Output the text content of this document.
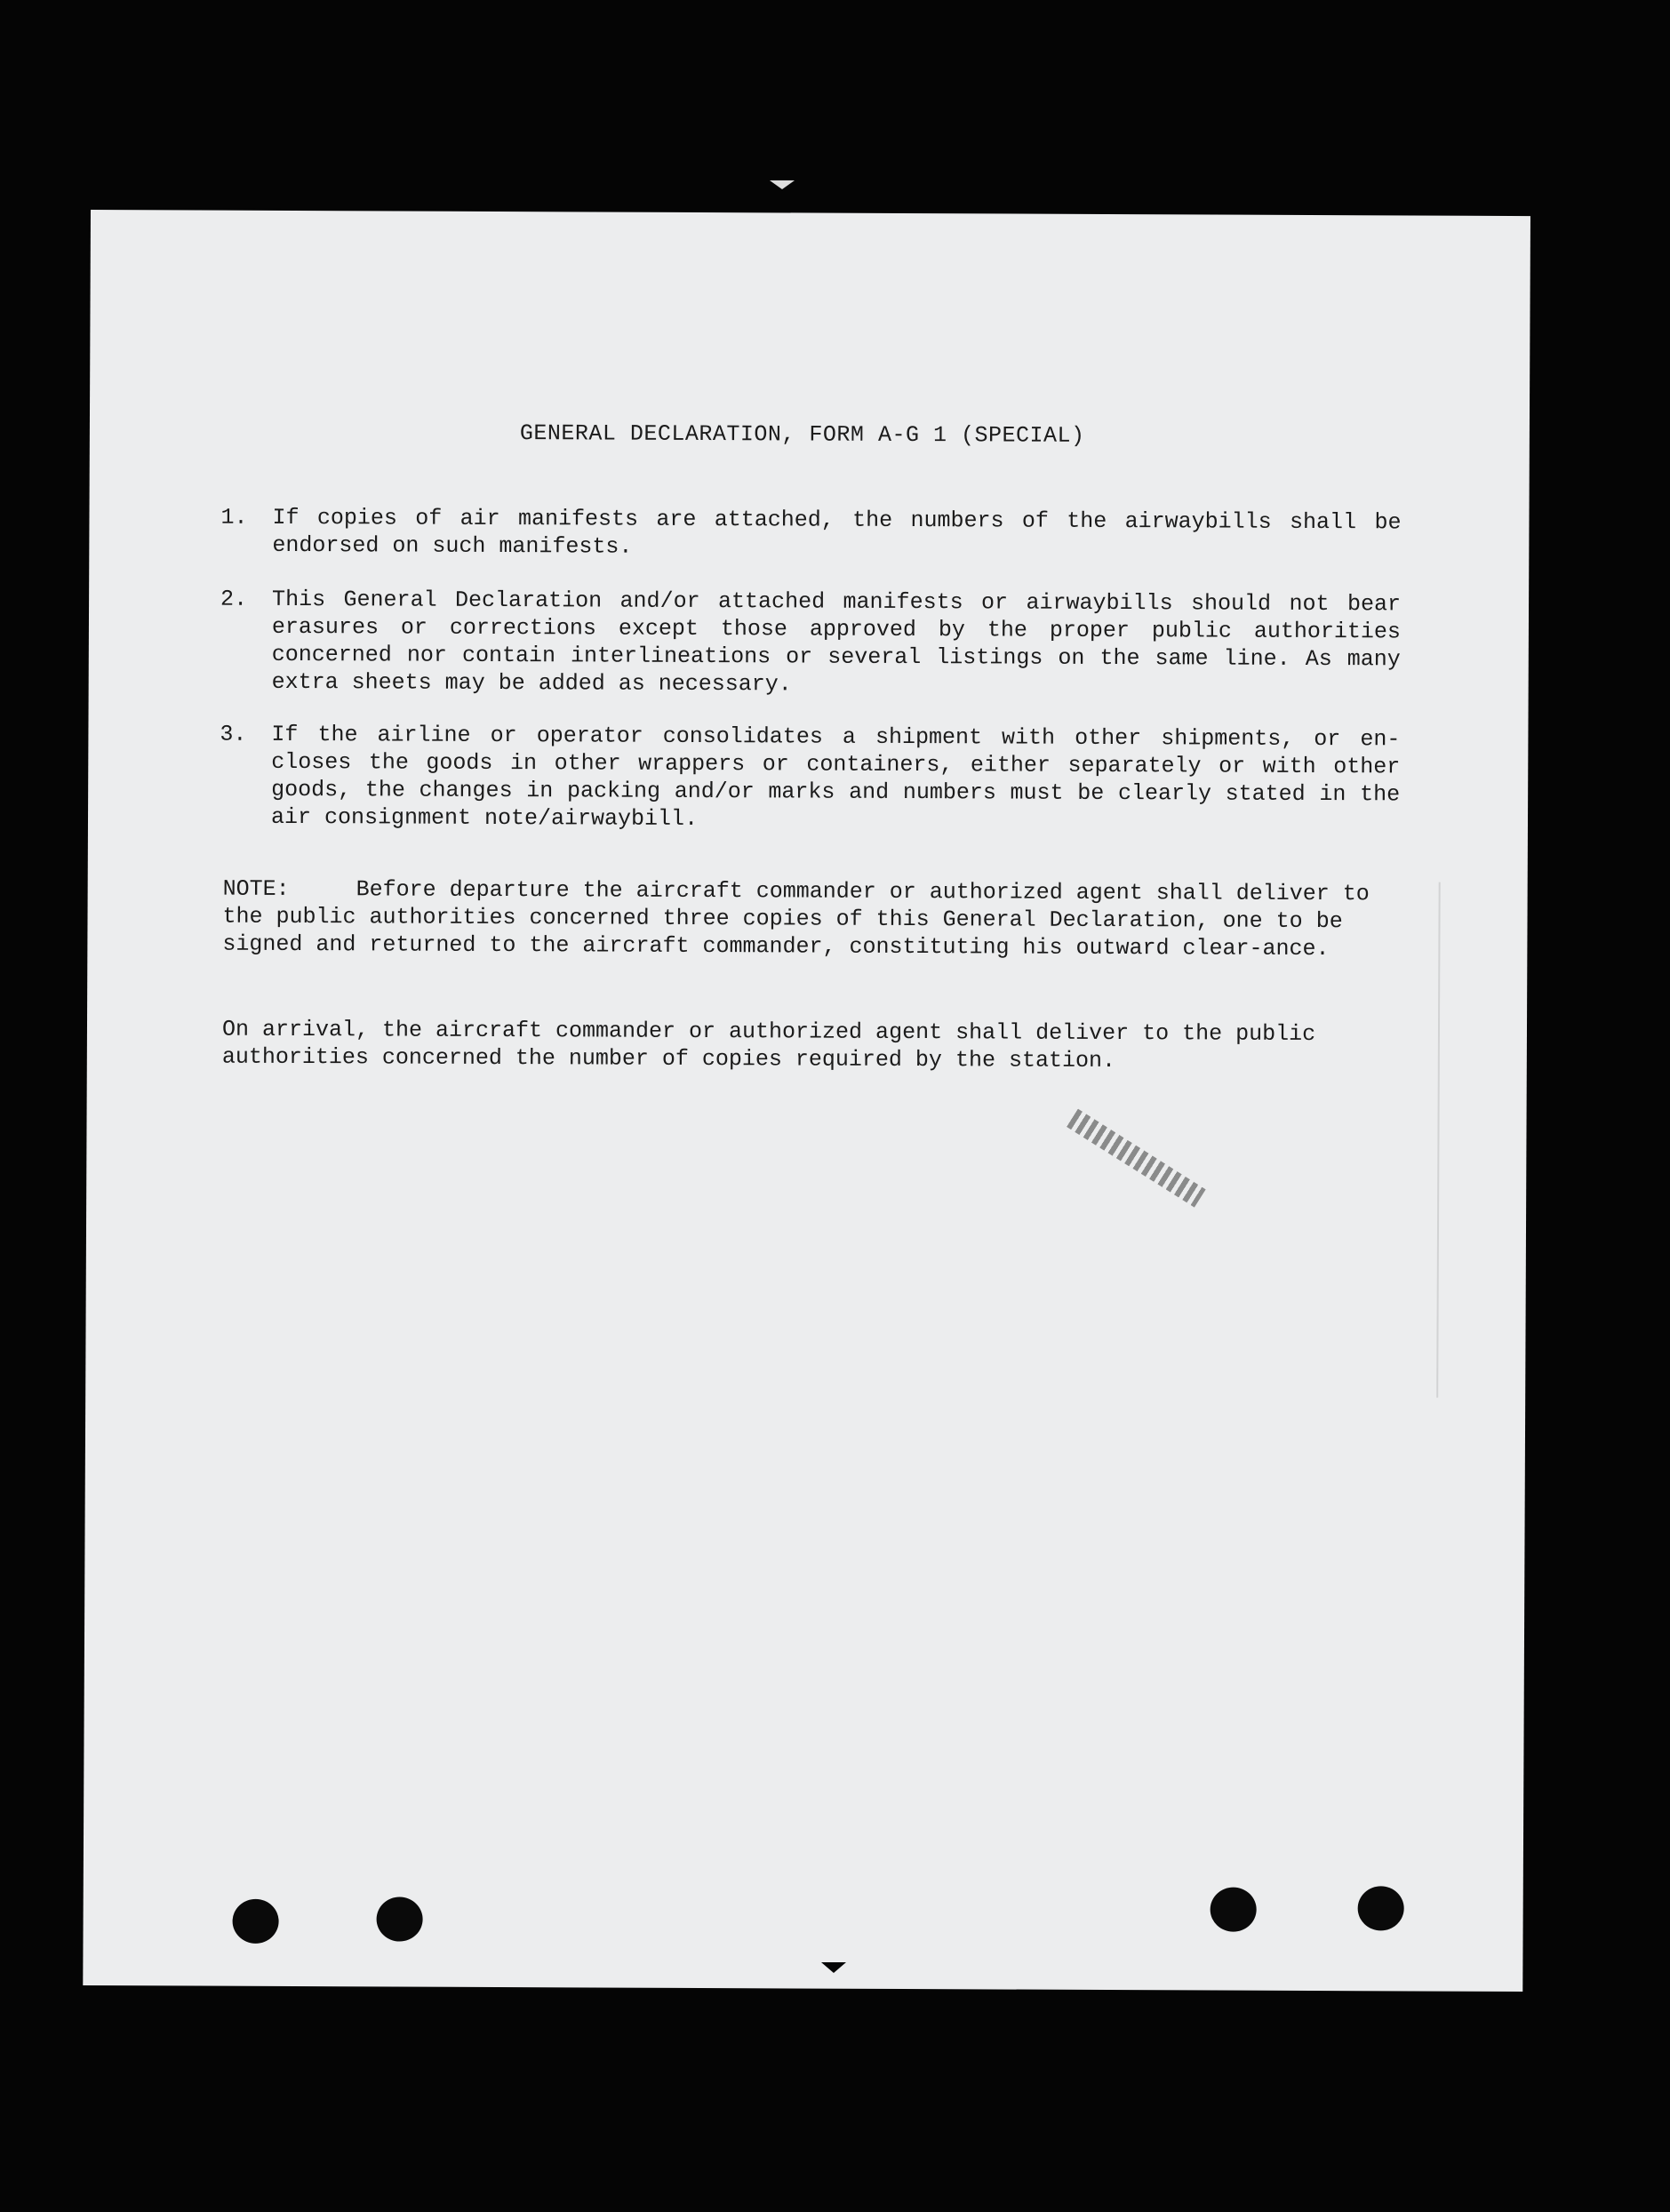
GENERAL DECLARATION, FORM A-G 1 (SPECIAL)
1.	If copies of air manifests are attached, the numbers of the airwaybills shall be endorsed on such manifests.
2.	This General Declaration and/or attached manifests or airwaybills should not bear erasures or corrections except those approved by the proper public authorities concerned nor contain interlineations or several listings on the same line. As many extra sheets may be added as necessary.
3.	If the airline or operator consolidates a shipment with other shipments, or en-closes the goods in other wrappers or containers, either separately or with other goods, the changes in packing and/or marks and numbers must be clearly stated in the air consignment note/airwaybill.
NOTE:	Before departure the aircraft commander or authorized agent shall deliver to the public authorities concerned three copies of this General Declaration, one to be signed and returned to the aircraft commander, constituting his outward clear-ance.
On arrival, the aircraft commander or authorized agent shall deliver to the public authorities concerned the number of copies required by the station.
